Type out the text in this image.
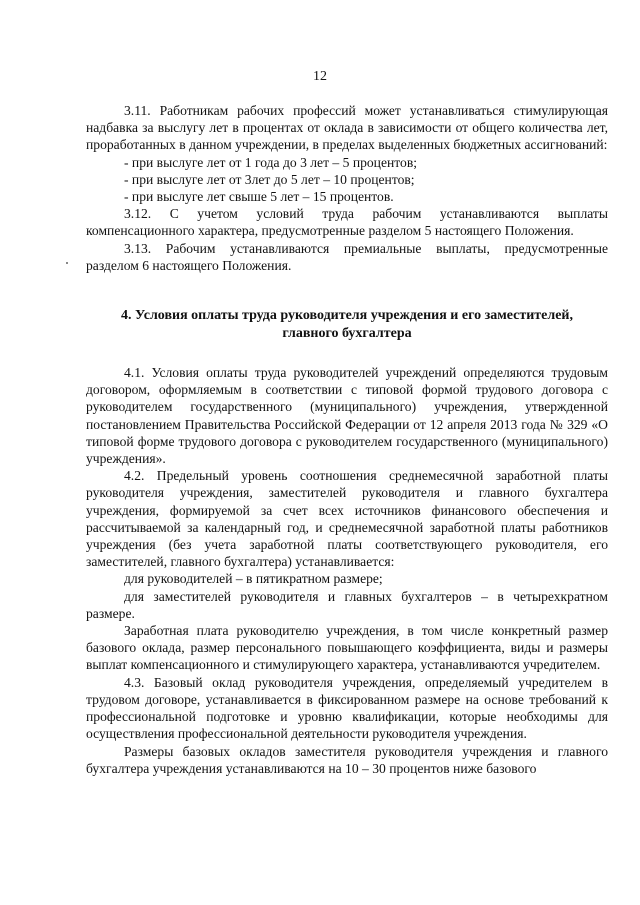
12

3.11. Работникам рабочих профессий может устанавливаться стимулирующая надбавка за выслугу лет в процентах от оклада в зависимости от общего количества лет, проработанных в данном учреждении, в пределах выделенных бюджетных ассигнований:

- при выслуге лет от 1 года до 3 лет – 5 процентов;

- при выслуге лет от 3лет до 5 лет – 10 процентов;

- при выслуге лет свыше 5 лет – 15 процентов.

3.12. С учетом условий труда рабочим устанавливаются выплаты компенсационного характера, предусмотренные разделом 5 настоящего Положения.

3.13. Рабочим устанавливаются премиальные выплаты, предусмотренные разделом 6 настоящего Положения.

4. Условия оплаты труда руководителя учреждения и его заместителей,
главного бухгалтера

4.1. Условия оплаты труда руководителей учреждений определяются трудовым договором, оформляемым в соответствии с типовой формой трудового договора с руководителем государственного (муниципального) учреждения, утвержденной постановлением Правительства Российской Федерации от 12 апреля 2013 года № 329 «О типовой форме трудового договора с руководителем государственного (муниципального) учреждения».

4.2. Предельный уровень соотношения среднемесячной заработной платы руководителя учреждения, заместителей руководителя и главного бухгалтера учреждения, формируемой за счет всех источников финансового обеспечения и рассчитываемой за календарный год, и среднемесячной заработной платы работников учреждения (без учета заработной платы соответствующего руководителя, его заместителей, главного бухгалтера) устанавливается:

для руководителей – в пятикратном размере;

для заместителей руководителя и главных бухгалтеров – в четырехкратном размере.

Заработная плата руководителю учреждения, в том числе конкретный размер базового оклада, размер персонального повышающего коэффициента, виды и размеры выплат компенсационного и стимулирующего характера, устанавливаются учредителем.

4.3. Базовый оклад руководителя учреждения, определяемый учредителем в трудовом договоре, устанавливается в фиксированном размере на основе требований к профессиональной подготовке и уровню квалификации, которые необходимы для осуществления профессиональной деятельности руководителя учреждения.

Размеры базовых окладов заместителя руководителя учреждения и главного бухгалтера учреждения устанавливаются на 10 – 30 процентов ниже базового
